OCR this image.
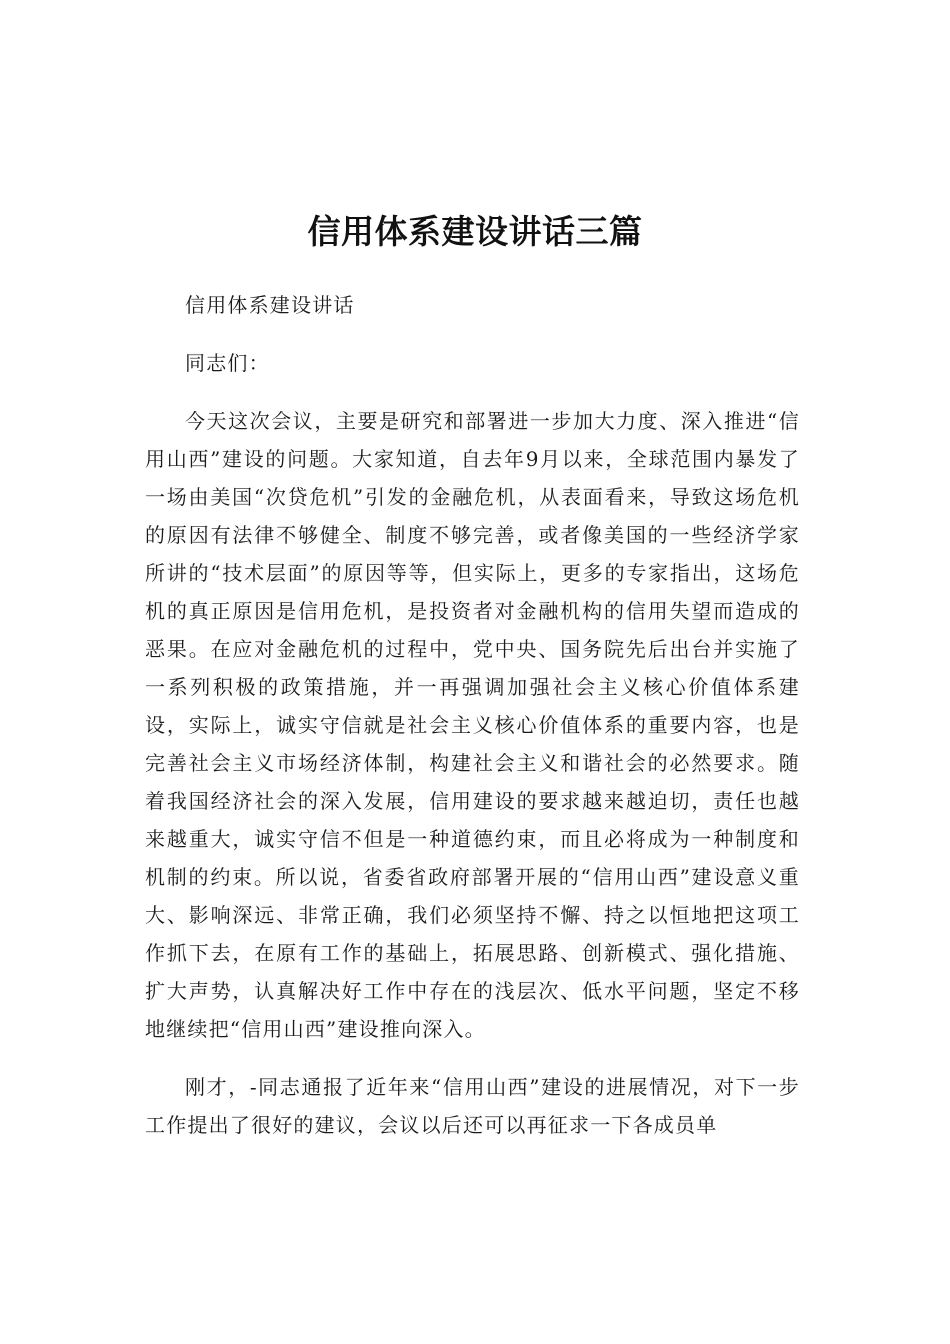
信用体系建设讲话三篇

信用体系建设讲话

同志们：

今天这次会议，主要是研究和部署进一步加大力度、深入推进“信用山西”建设的问题。大家知道，自去年9月以来，全球范围内暴发了一场由美国“次贷危机”引发的金融危机，从表面看来，导致这场危机的原因有法律不够健全、制度不够完善，或者像美国的一些经济学家所讲的“技术层面”的原因等等，但实际上，更多的专家指出，这场危机的真正原因是信用危机，是投资者对金融机构的信用失望而造成的恶果。在应对金融危机的过程中，党中央、国务院先后出台并实施了一系列积极的政策措施，并一再强调加强社会主义核心价值体系建设，实际上，诚实守信就是社会主义核心价值体系的重要内容，也是完善社会主义市场经济体制，构建社会主义和谐社会的必然要求。随着我国经济社会的深入发展，信用建设的要求越来越迫切，责任也越来越重大，诚实守信不但是一种道德约束，而且必将成为一种制度和机制的约束。所以说，省委省政府部署开展的“信用山西”建设意义重大、影响深远、非常正确，我们必须坚持不懈、持之以恒地把这项工作抓下去，在原有工作的基础上，拓展思路、创新模式、强化措施、扩大声势，认真解决好工作中存在的浅层次、低水平问题，坚定不移地继续把“信用山西”建设推向深入。

刚才，-同志通报了近年来“信用山西”建设的进展情况，对下一步工作提出了很好的建议，会议以后还可以再征求一下各成员单
